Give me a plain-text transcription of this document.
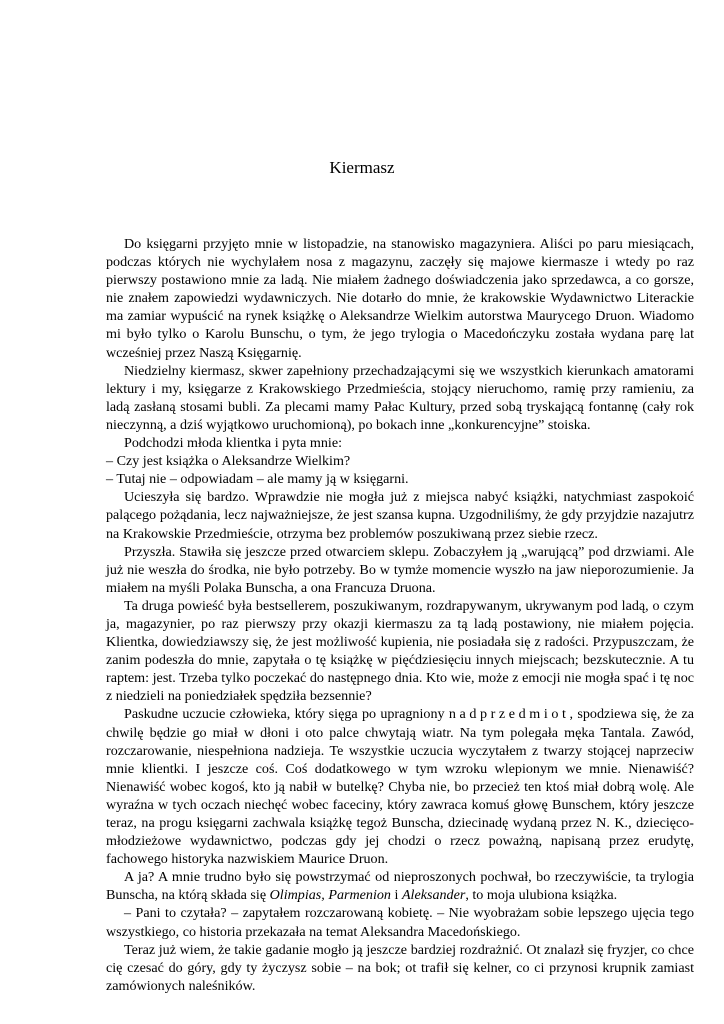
Kiermasz

Do księgarni przyjęto mnie w listopadzie, na stanowisko magazyniera. Aliści po paru miesiącach, podczas których nie wychylałem nosa z magazynu, zaczęły się majowe kiermasze i wtedy po raz pierwszy postawiono mnie za ladą. Nie miałem żadnego doświadczenia jako sprzedawca, a co gorsze, nie znałem zapowiedzi wydawniczych. Nie dotarło do mnie, że krakowskie Wydawnictwo Literackie ma zamiar wypuścić na rynek książkę o Aleksandrze Wielkim autorstwa Maurycego Druon. Wiadomo mi było tylko o Karolu Bunschu, o tym, że jego trylogia o Macedończyku została wydana parę lat wcześniej przez Naszą Księgarnię.

Niedzielny kiermasz, skwer zapełniony przechadzającymi się we wszystkich kierunkach amatorami lektury i my, księgarze z Krakowskiego Przedmieścia, stojący nieruchomo, ramię przy ramieniu, za ladą zasłaną stosami bubli. Za plecami mamy Pałac Kultury, przed sobą tryskającą fontannę (cały rok nieczynną, a dziś wyjątkowo uruchomioną), po bokach inne „konkurencyjne” stoiska.

Podchodzi młoda klientka i pyta mnie:

– Czy jest książka o Aleksandrze Wielkim?

– Tutaj nie – odpowiadam – ale mamy ją w księgarni.

Ucieszyła się bardzo. Wprawdzie nie mogła już z miejsca nabyć książki, natychmiast zaspokoić palącego pożądania, lecz najważniejsze, że jest szansa kupna. Uzgodniliśmy, że gdy przyjdzie nazajutrz na Krakowskie Przedmieście, otrzyma bez problemów poszukiwaną przez siebie rzecz.

Przyszła. Stawiła się jeszcze przed otwarciem sklepu. Zobaczyłem ją „warującą” pod drzwiami. Ale już nie weszła do środka, nie było potrzeby. Bo w tymże momencie wyszło na jaw nieporozumienie. Ja miałem na myśli Polaka Bunscha, a ona Francuza Druona.

Ta druga powieść była bestsellerem, poszukiwanym, rozdrapywanym, ukrywanym pod ladą, o czym ja, magazynier, po raz pierwszy przy okazji kiermaszu za tą ladą postawiony, nie miałem pojęcia. Klientka, dowiedziawszy się, że jest możliwość kupienia, nie posiadała się z radości. Przypuszczam, że zanim podeszła do mnie, zapytała o tę książkę w pięćdziesięciu innych miejscach; bezskutecznie. A tu raptem: jest. Trzeba tylko poczekać do następnego dnia. Kto wie, może z emocji nie mogła spać i tę noc z niedzieli na poniedziałek spędziła bezsennie?

Paskudne uczucie człowieka, który sięga po upragniony nadprzedmiot, spodziewa się, że za chwilę będzie go miał w dłoni i oto palce chwytają wiatr. Na tym polegała męka Tantala. Zawód, rozczarowanie, niespełniona nadzieja. Te wszystkie uczucia wyczytałem z twarzy stojącej naprzeciw mnie klientki. I jeszcze coś. Coś dodatkowego w tym wzroku wlepionym we mnie. Nienawiść? Nienawiść wobec kogoś, kto ją nabił w butelkę? Chyba nie, bo przecież ten ktoś miał dobrą wolę. Ale wyraźna w tych oczach niechęć wobec faceciny, który zawraca komuś głowę Bunschem, który jeszcze teraz, na progu księgarni zachwala książkę tegoż Bunscha, dziecinadę wydaną przez N. K., dziecięco-młodzieżowe wydawnictwo, podczas gdy jej chodzi o rzecz poważną, napisaną przez erudytę, fachowego historyka nazwiskiem Maurice Druon.

A ja? A mnie trudno było się powstrzymać od nieproszonych pochwał, bo rzeczywiście, ta trylogia Bunscha, na którą składa się Olimpias, Parmenion i Aleksander, to moja ulubiona książka.

– Pani to czytała? – zapytałem rozczarowaną kobietę. – Nie wyobrażam sobie lepszego ujęcia tego wszystkiego, co historia przekazała na temat Aleksandra Macedońskiego.

Teraz już wiem, że takie gadanie mogło ją jeszcze bardziej rozdrażnić. Ot znalazł się fryzjer, co chce cię czesać do góry, gdy ty życzysz sobie – na bok; ot trafił się kelner, co ci przynosi krupnik zamiast zamówionych naleśników.
